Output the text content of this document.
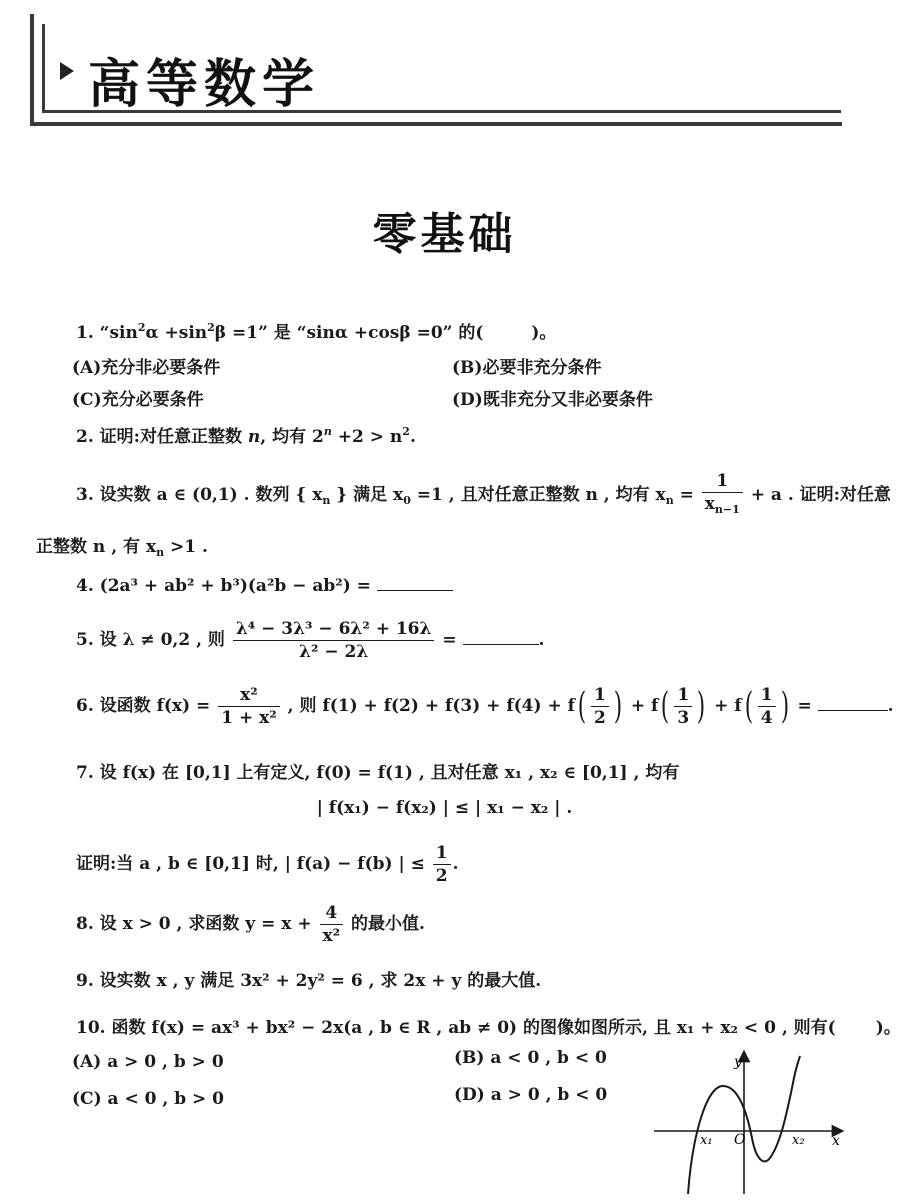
高等数学
零基础
1. “$\sin^2\alpha +\sin^2\beta =1$” 是 “sinα +cosβ =0” 的(	)。
(A)充分非必要条件	(B)必要非充分条件
(C)充分必要条件	(D)既非充分又非必要条件
2. 证明:对任意正整数 n, 均有 $2^n +2 > n^2$.
3. 设实数 a ∈ (0,1) . 数列 { $x_n$ } 满足 $x_0 =1$ , 且对任意正整数 n , 均有 $x_n = \frac{1}{x_{n-1}} + a$ . 证明:对任意
正整数 n , 有 $x_n >1$ .
4. (2a³ + ab² + b³)(a²b − ab²) =
5. 设 λ ≠ 0,2 , 则 $\frac{\text{λ⁴ − 3λ³ − 6λ² + 16λ}}{\text{λ² − 2λ}}$ =	.
6. 设函数 $f(x) = \frac{\text{x²}}{\text{1 + x²}}$ , 则 $f(1) + f(2) + f(3) + f(4) + f( \frac{1}{2}$ ) + $f( \frac{1}{3}$ ) + $f( \frac{1}{4}$ ) =	.
7. 设 f(x) 在 [0,1] 上有定义, f(0) = f(1) , 且对任意 x₁ , x₂ ∈ [0,1] , 均有
| f(x₁) − f(x₂) | ≤ | x₁ − x₂ | .
证明:当 a , b ∈ [0,1] 时, | f(a) − f(b) | ≤ $\frac{1}{2}$ .
8. 设 x > 0 , 求函数 $y = x + \frac{4}{\text{x²}}$ 的最小值.
9. 设实数 x , y 满足 3x² + 2y² = 6 , 求 2x + y 的最大值.
10. 函数 f(x) = ax³ + bx² − 2x(a , b ∈ R , ab ≠ 0) 的图像如图所示, 且 x₁ + x₂ < 0 , 则有( )。
(A) a > 0 , b > 0	(B) a < 0 , b < 0
(C) a < 0 , b > 0	(D) a > 0 , b < 0
y
x
O
x₁	x₂
